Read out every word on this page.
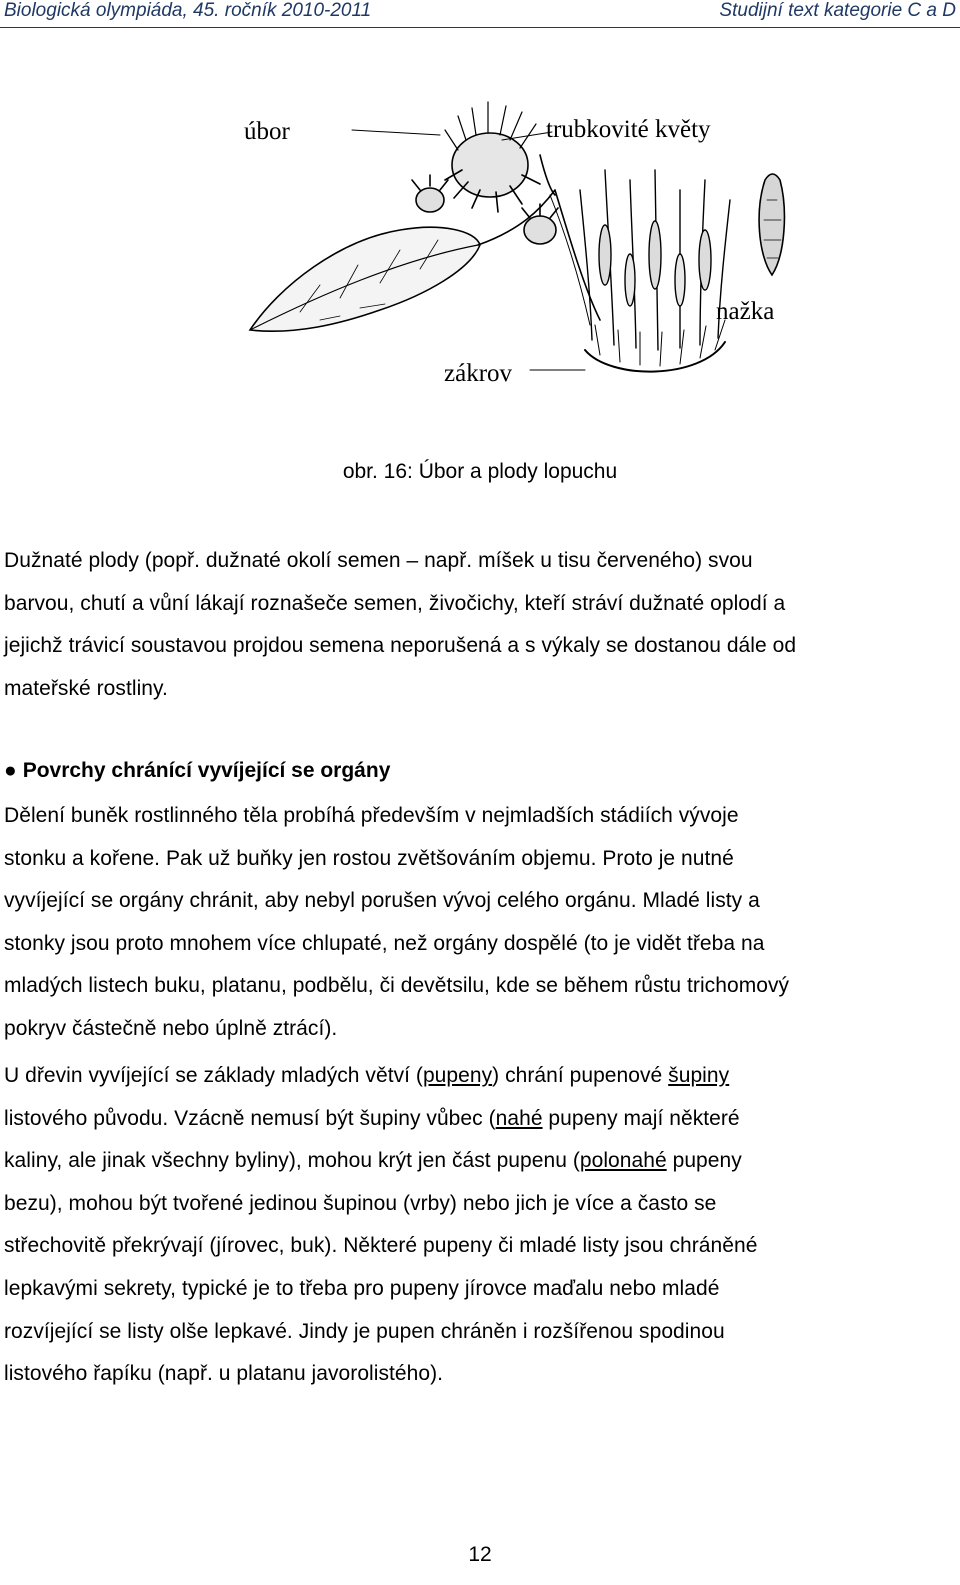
Biologická olympiáda, 45. ročník 2010-2011	Studijní text kategorie C a D
úbor	trubkovité květy
nažka
zákrov
obr. 16: Úbor a plody lopuchu
Dužnaté plody (popř. dužnaté okolí semen – např. míšek u tisu červeného) svou
barvou, chutí a vůní lákají roznašeče semen, živočichy, kteří stráví dužnaté oplodí a
jejichž trávicí soustavou projdou semena neporušená a s výkaly se dostanou dále od
mateřské rostliny.
● Povrchy chránící vyvíjející se orgány
Dělení buněk rostlinného těla probíhá především v nejmladších stádiích vývoje
stonku a kořene. Pak už buňky jen rostou zvětšováním objemu. Proto je nutné
vyvíjející se orgány chránit, aby nebyl porušen vývoj celého orgánu. Mladé listy a
stonky jsou proto mnohem více chlupaté, než orgány dospělé (to je vidět třeba na
mladých listech buku, platanu, podbělu, či devětsilu, kde se během růstu trichomový
pokryv částečně nebo úplně ztrácí).
U dřevin vyvíjející se základy mladých větví (pupeny) chrání pupenové šupiny
listového původu. Vzácně nemusí být šupiny vůbec (nahé pupeny mají některé
kaliny, ale jinak všechny byliny), mohou krýt jen část pupenu (polonahé pupeny
bezu), mohou být tvořené jedinou šupinou (vrby) nebo jich je více a často se
střechovitě překrývají (jírovec, buk). Některé pupeny či mladé listy jsou chráněné
lepkavými sekrety, typické je to třeba pro pupeny jírovce maďalu nebo mladé
rozvíjející se listy olše lepkavé. Jindy je pupen chráněn i rozšířenou spodinou
listového řapíku (např. u platanu javorolistého).
12
